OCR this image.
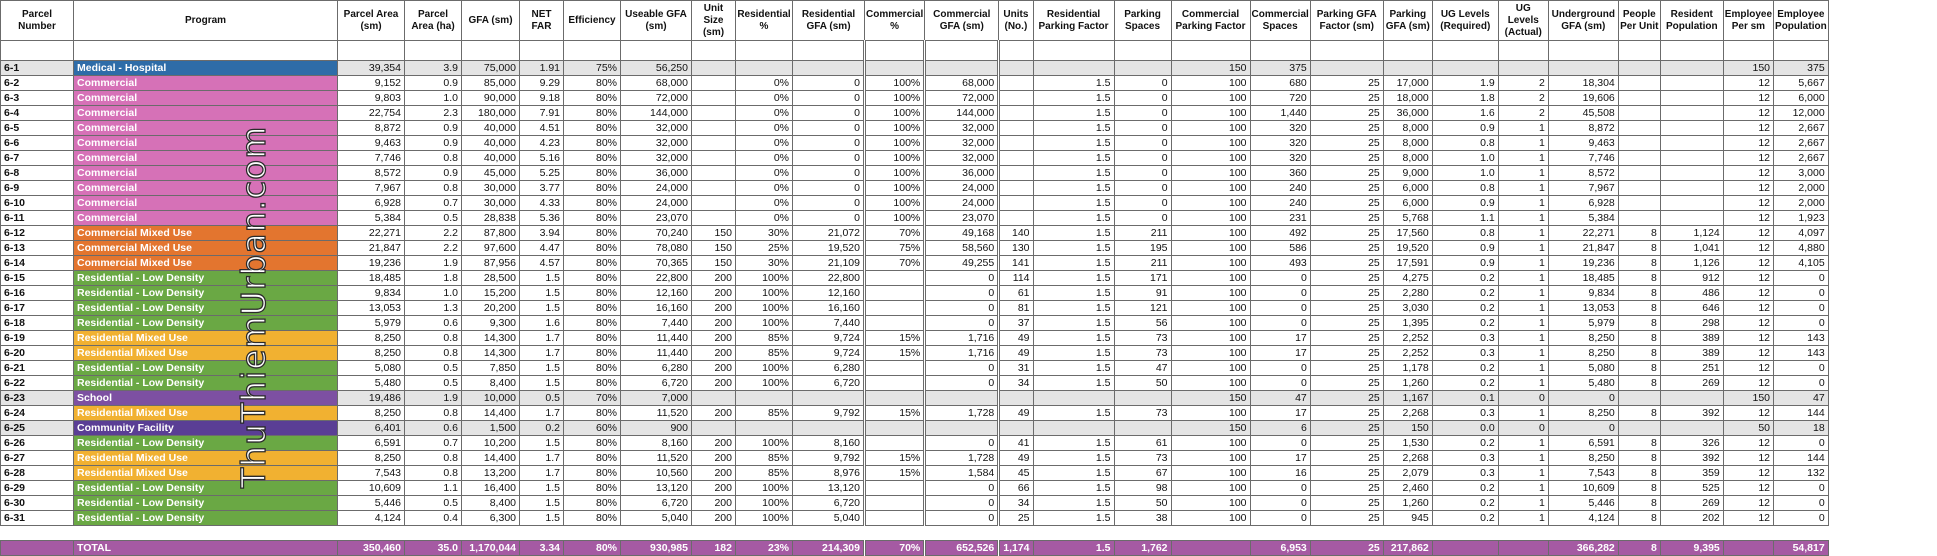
Parcel Number	Program	Parcel Area (sm)	Parcel Area (ha)	GFA (sm)	NET FAR	Efficiency	Useable GFA (sm)	Unit Size (sm)	Residential %	Residential GFA (sm)	Commercial %	Commercial GFA (sm)	Units (No.)	Residential Parking Factor	Parking Spaces	Commercial Parking Factor	Commercial Spaces	Parking GFA Factor (sm)	Parking GFA (sm)	UG Levels (Required)	UG Levels (Actual)	Underground GFA (sm)	People Per Unit	Resident Population	Employee Per sm	Employee Population

6-1	Medical - Hospital	39,354	3.9	75,000	1.91	75%	56,250									150	375								150	375
6-2	Commercial	9,152	0.9	85,000	9.29	80%	68,000		0%	0	100%	68,000		1.5	0	100	680	25	17,000	1.9	2	18,304			12	5,667
6-3	Commercial	9,803	1.0	90,000	9.18	80%	72,000		0%	0	100%	72,000		1.5	0	100	720	25	18,000	1.8	2	19,606			12	6,000
6-4	Commercial	22,754	2.3	180,000	7.91	80%	144,000		0%	0	100%	144,000		1.5	0	100	1,440	25	36,000	1.6	2	45,508			12	12,000
6-5	Commercial	8,872	0.9	40,000	4.51	80%	32,000		0%	0	100%	32,000		1.5	0	100	320	25	8,000	0.9	1	8,872			12	2,667
6-6	Commercial	9,463	0.9	40,000	4.23	80%	32,000		0%	0	100%	32,000		1.5	0	100	320	25	8,000	0.8	1	9,463			12	2,667
6-7	Commercial	7,746	0.8	40,000	5.16	80%	32,000		0%	0	100%	32,000		1.5	0	100	320	25	8,000	1.0	1	7,746			12	2,667
6-8	Commercial	8,572	0.9	45,000	5.25	80%	36,000		0%	0	100%	36,000		1.5	0	100	360	25	9,000	1.0	1	8,572			12	3,000
6-9	Commercial	7,967	0.8	30,000	3.77	80%	24,000		0%	0	100%	24,000		1.5	0	100	240	25	6,000	0.8	1	7,967			12	2,000
6-10	Commercial	6,928	0.7	30,000	4.33	80%	24,000		0%	0	100%	24,000		1.5	0	100	240	25	6,000	0.9	1	6,928			12	2,000
6-11	Commercial	5,384	0.5	28,838	5.36	80%	23,070		0%	0	100%	23,070		1.5	0	100	231	25	5,768	1.1	1	5,384			12	1,923
6-12	Commercial Mixed Use	22,271	2.2	87,800	3.94	80%	70,240	150	30%	21,072	70%	49,168	140	1.5	211	100	492	25	17,560	0.8	1	22,271	8	1,124	12	4,097
6-13	Commercial Mixed Use	21,847	2.2	97,600	4.47	80%	78,080	150	25%	19,520	75%	58,560	130	1.5	195	100	586	25	19,520	0.9	1	21,847	8	1,041	12	4,880
6-14	Commercial Mixed Use	19,236	1.9	87,956	4.57	80%	70,365	150	30%	21,109	70%	49,255	141	1.5	211	100	493	25	17,591	0.9	1	19,236	8	1,126	12	4,105
6-15	Residential - Low Density	18,485	1.8	28,500	1.5	80%	22,800	200	100%	22,800		0	114	1.5	171	100	0	25	4,275	0.2	1	18,485	8	912	12	0
6-16	Residential - Low Density	9,834	1.0	15,200	1.5	80%	12,160	200	100%	12,160		0	61	1.5	91	100	0	25	2,280	0.2	1	9,834	8	486	12	0
6-17	Residential - Low Density	13,053	1.3	20,200	1.5	80%	16,160	200	100%	16,160		0	81	1.5	121	100	0	25	3,030	0.2	1	13,053	8	646	12	0
6-18	Residential - Low Density	5,979	0.6	9,300	1.6	80%	7,440	200	100%	7,440		0	37	1.5	56	100	0	25	1,395	0.2	1	5,979	8	298	12	0
6-19	Residential Mixed Use	8,250	0.8	14,300	1.7	80%	11,440	200	85%	9,724	15%	1,716	49	1.5	73	100	17	25	2,252	0.3	1	8,250	8	389	12	143
6-20	Residential Mixed Use	8,250	0.8	14,300	1.7	80%	11,440	200	85%	9,724	15%	1,716	49	1.5	73	100	17	25	2,252	0.3	1	8,250	8	389	12	143
6-21	Residential - Low Density	5,080	0.5	7,850	1.5	80%	6,280	200	100%	6,280		0	31	1.5	47	100	0	25	1,178	0.2	1	5,080	8	251	12	0
6-22	Residential - Low Density	5,480	0.5	8,400	1.5	80%	6,720	200	100%	6,720		0	34	1.5	50	100	0	25	1,260	0.2	1	5,480	8	269	12	0
6-23	School	19,486	1.9	10,000	0.5	70%	7,000									150	47	25	1,167	0.1	0	0			150	47
6-24	Residential Mixed Use	8,250	0.8	14,400	1.7	80%	11,520	200	85%	9,792	15%	1,728	49	1.5	73	100	17	25	2,268	0.3	1	8,250	8	392	12	144
6-25	Community Facility	6,401	0.6	1,500	0.2	60%	900									150	6	25	150	0.0	0	0			50	18
6-26	Residential - Low Density	6,591	0.7	10,200	1.5	80%	8,160	200	100%	8,160		0	41	1.5	61	100	0	25	1,530	0.2	1	6,591	8	326	12	0
6-27	Residential Mixed Use	8,250	0.8	14,400	1.7	80%	11,520	200	85%	9,792	15%	1,728	49	1.5	73	100	17	25	2,268	0.3	1	8,250	8	392	12	144
6-28	Residential Mixed Use	7,543	0.8	13,200	1.7	80%	10,560	200	85%	8,976	15%	1,584	45	1.5	67	100	16	25	2,079	0.3	1	7,543	8	359	12	132
6-29	Residential - Low Density	10,609	1.1	16,400	1.5	80%	13,120	200	100%	13,120		0	66	1.5	98	100	0	25	2,460	0.2	1	10,609	8	525	12	0
6-30	Residential - Low Density	5,446	0.5	8,400	1.5	80%	6,720	200	100%	6,720		0	34	1.5	50	100	0	25	1,260	0.2	1	5,446	8	269	12	0
6-31	Residential - Low Density	4,124	0.4	6,300	1.5	80%	5,040	200	100%	5,040		0	25	1.5	38	100	0	25	945	0.2	1	4,124	8	202	12	0

	TOTAL	350,460	35.0	1,170,044	3.34	80%	930,985	182	23%	214,309	70%	652,526	1,174	1.5	1,762		6,953	25	217,862			366,282	8	9,395		54,817
ThuThiemUrban.com
